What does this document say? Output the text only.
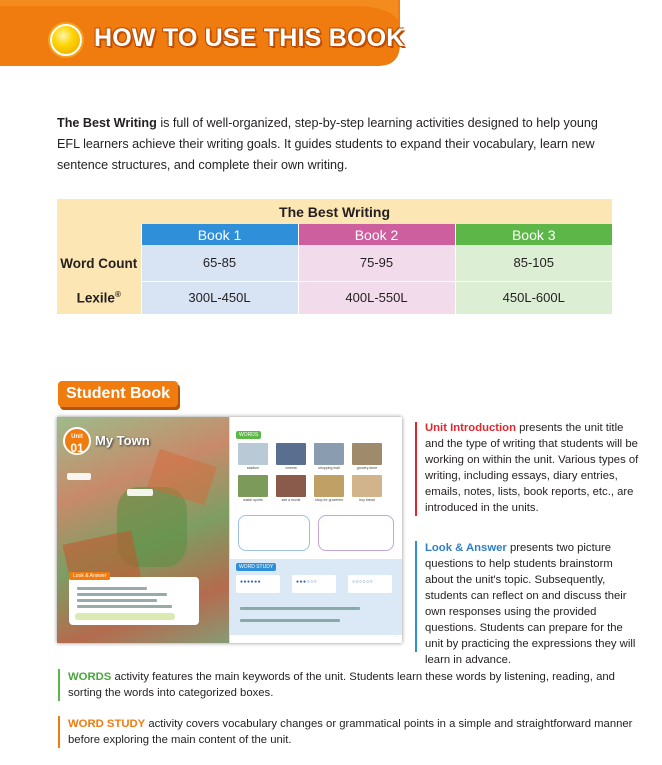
HOW TO USE THIS BOOK

The Best Writing is full of well-organized, step-by-step learning activities designed to help young EFL learners achieve their writing goals. It guides students to expand their vocabulary, learn new sentence structures, and complete their own writing.

The Best Writing			
	Book 1	Book 2	Book 3
Word Count	65-85	75-95	85-105
Lexile®	300L-450L	400L-550L	450L-600L
Student Book
Unit
01 My Town

Look & Answer
·
WORDS
stadium	cinema	shopping mall	grocery store
watch sports	see a movie	shop for groceries	buy bread
WORD STUDY
●●●●●●	●●●○○○	○○○○○○
·

Unit Introduction presents the unit title and the type of writing that students will be working on within the unit. Various types of writing, including essays, diary entries, emails, notes, lists, book reports, etc., are introduced in the units.

Look & Answer presents two picture questions to help students brainstorm about the unit's topic. Subsequently, students can reflect on and discuss their own responses using the provided questions. Students can prepare for the unit by practicing the expressions they will learn in advance.

WORDS activity features the main keywords of the unit. Students learn these words by listening, reading, and sorting the words into categorized boxes.

WORD STUDY activity covers vocabulary changes or grammatical points in a simple and straightforward manner before exploring the main content of the unit.
